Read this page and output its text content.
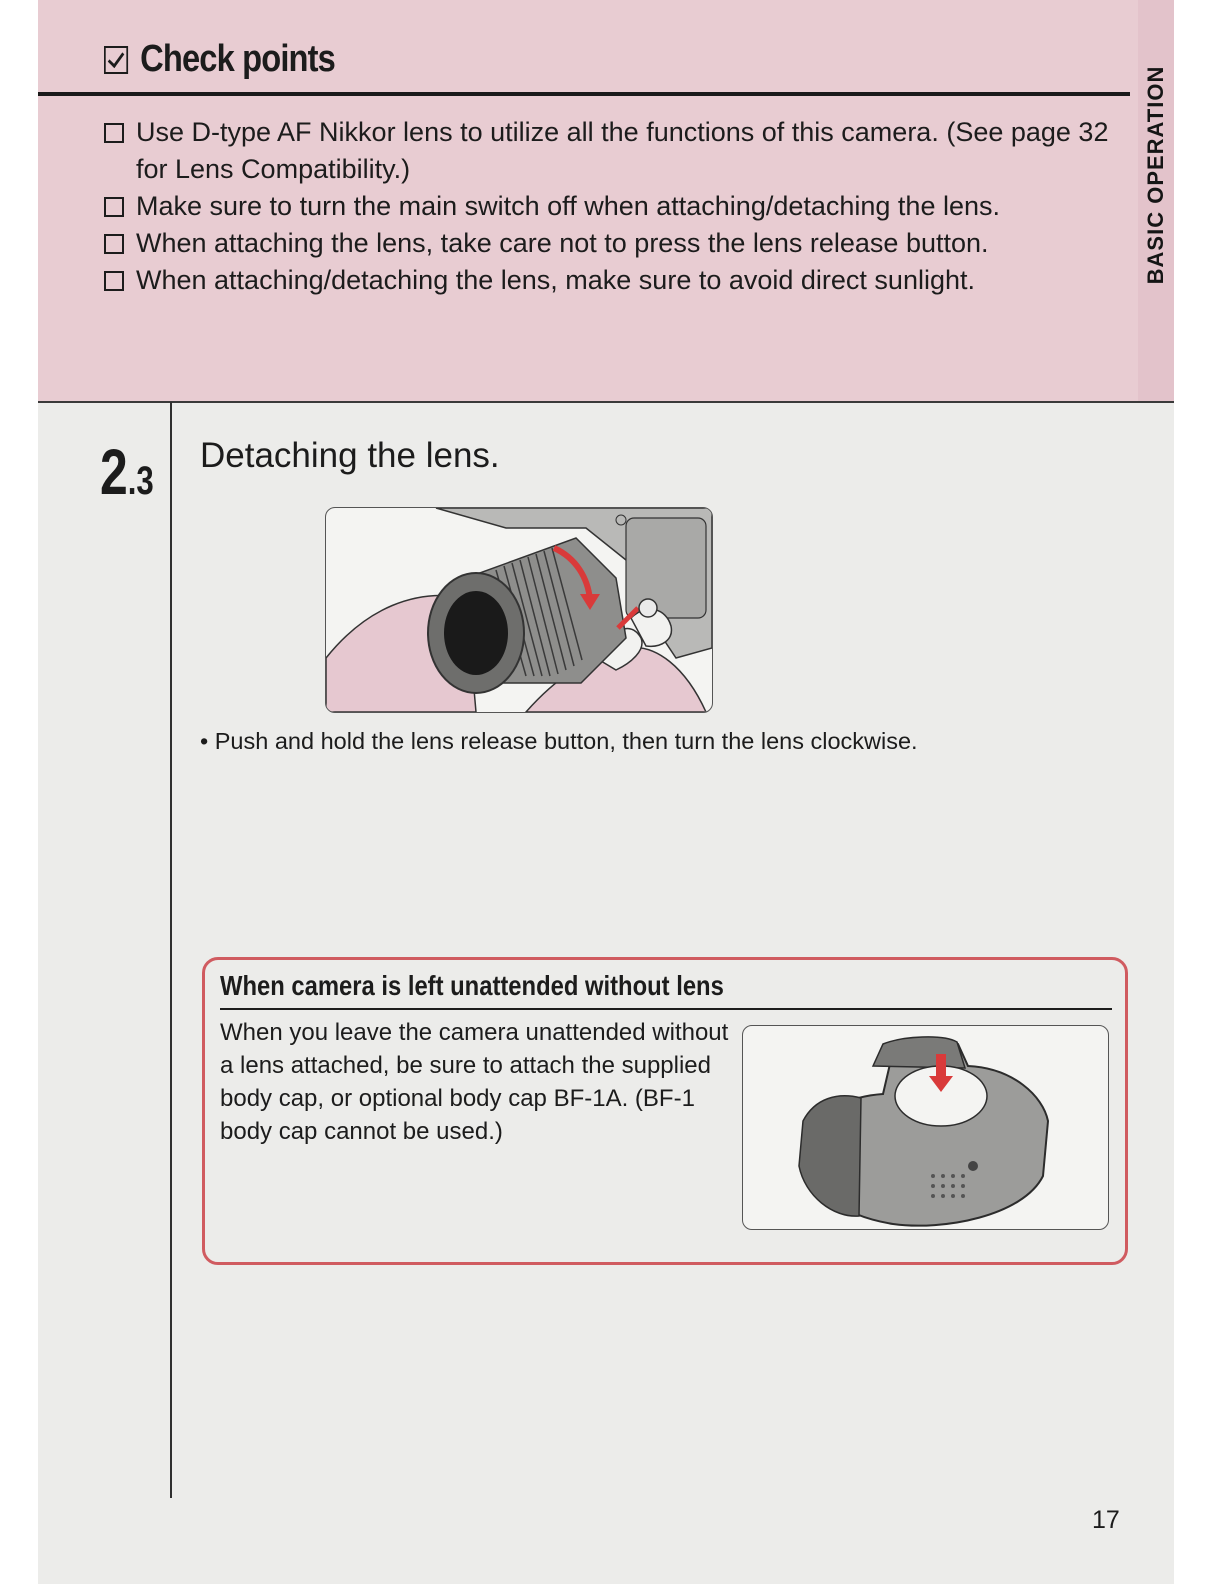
Check points
Use D-type AF Nikkor lens to utilize all the functions of this camera. (See page 32 for Lens Compatibility.)
Make sure to turn the main switch off when attaching/detaching the lens.
When attaching the lens, take care not to press the lens release button.
When attaching/detaching the lens, make sure to avoid direct sunlight.	BASIC OPERATION
2 .3
Detaching the lens.
• Push and hold the lens release button, then turn the lens clockwise.
When camera is left unattended without lens
When you leave the camera unattended without a lens attached, be sure to attach the supplied body cap, or optional body cap BF-1A. (BF-1 body cap cannot be used.)
17
